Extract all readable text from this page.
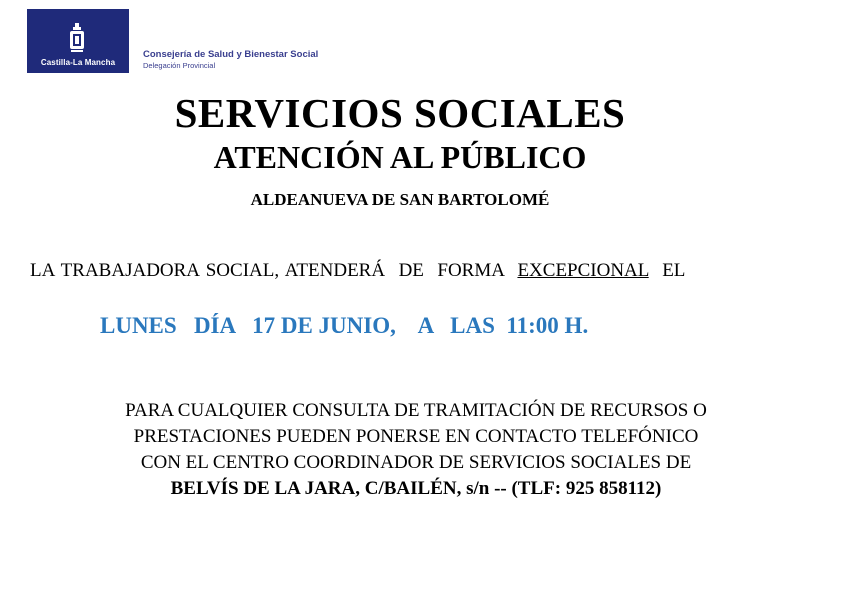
Castilla-La Mancha
Consejería de Salud y Bienestar Social
Delegación Provincial
SERVICIOS SOCIALES
ATENCIÓN AL PÚBLICO
ALDEANUEVA DE SAN BARTOLOMÉ
LA TRABAJADORA SOCIAL, ATENDERÁ  DE  FORMA  EXCEPCIONAL  EL
LUNES   DÍA   17 DE JUNIO,    A   LAS  11:00 H.
PARA CUALQUIER CONSULTA DE TRAMITACIÓN DE RECURSOS O
PRESTACIONES PUEDEN PONERSE EN CONTACTO TELEFÓNICO
CON EL CENTRO COORDINADOR DE SERVICIOS SOCIALES DE
BELVÍS DE LA JARA, C/BAILÉN, s/n -- (TLF: 925 858112)
